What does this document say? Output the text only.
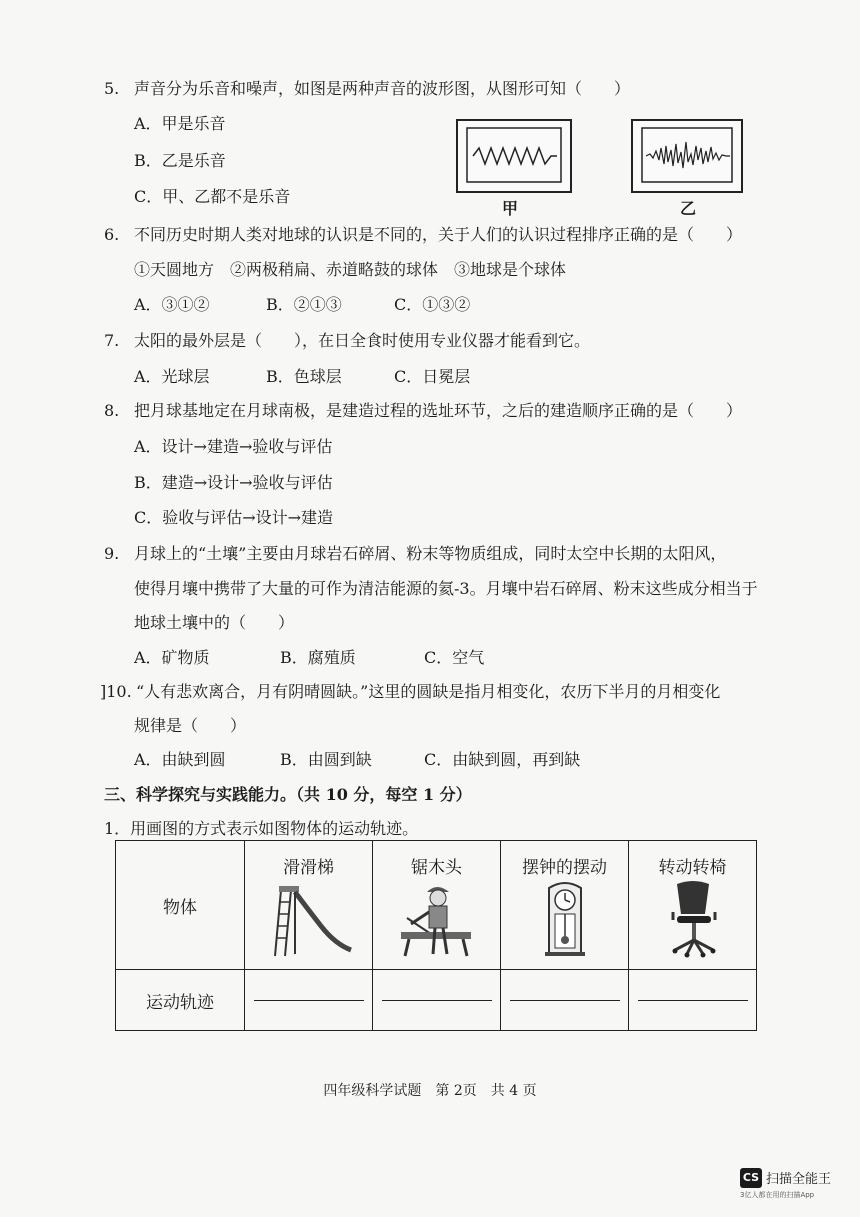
5. 声音分为乐音和噪声，如图是两种声音的波形图，从图形可知（　　）
A．甲是乐音
B．乙是乐音
C．甲、乙都不是乐音
甲	乙
6. 不同历史时期人类对地球的认识是不同的，关于人们的认识过程排序正确的是（　　）
①天圆地方　②两极稍扁、赤道略鼓的球体　③地球是个球体
A．③①②	B．②①③	C．①③②
7. 太阳的最外层是（　　），在日全食时使用专业仪器才能看到它。
A．光球层	B．色球层	C．日冕层
8. 把月球基地定在月球南极，是建造过程的选址环节，之后的建造顺序正确的是（　　）
A．设计→建造→验收与评估
B．建造→设计→验收与评估
C．验收与评估→设计→建造
9. 月球上的“土壤”主要由月球岩石碎屑、粉末等物质组成，同时太空中长期的太阳风，
使得月壤中携带了大量的可作为清洁能源的氦-3。月壤中岩石碎屑、粉末这些成分相当于
地球土壤中的（　　）
A．矿物质	B．腐殖质	C．空气
]10. “人有悲欢离合，月有阴晴圆缺。”这里的圆缺是指月相变化，农历下半月的月相变化
规律是（　　）
A．由缺到圆	B．由圆到缺	C．由缺到圆，再到缺
三、科学探究与实践能力。（共 10 分，每空 1 分）
1．用画图的方式表示如图物体的运动轨迹。
物体	滑滑梯	锯木头	摆钟的摆动	转动转椅

运动轨迹				
四年级科学试题　第 2页　共 4 页
CS 扫描全能王
3亿人都在用的扫描App
